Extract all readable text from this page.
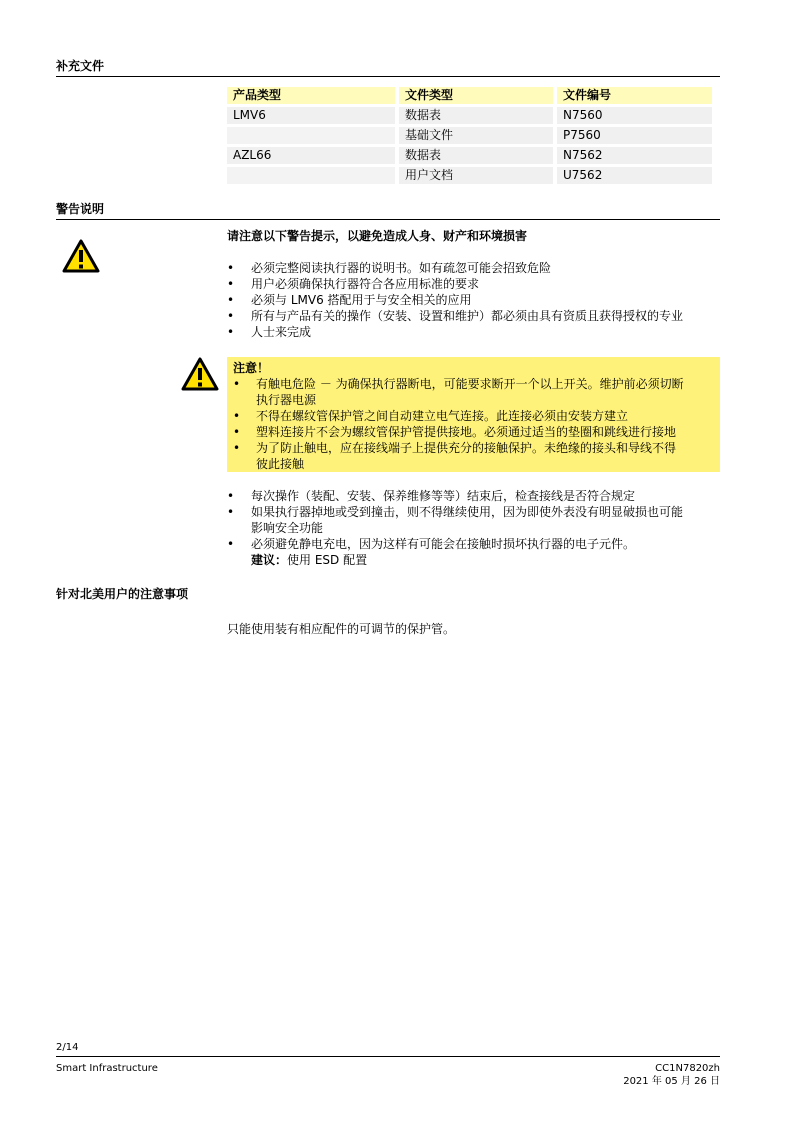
补充文件
产品类型	文件类型	文件编号
LMV6	数据表	N7560
	基础文件	P7560
AZL66	数据表	N7562
	用户文档	U7562
警告说明
请注意以下警告提示，以避免造成人身、财产和环境损害
• 必须完整阅读执行器的说明书。如有疏忽可能会招致危险
• 用户必须确保执行器符合各应用标准的要求
• 必须与 LMV6 搭配用于与安全相关的应用
• 所有与产品有关的操作（安装、设置和维护）都必须由具有资质且获得授权的专业
• 人士来完成
注意！
• 有触电危险 － 为确保执行器断电，可能要求断开一个以上开关。维护前必须切断
执行器电源
• 不得在螺纹管保护管之间自动建立电气连接。此连接必须由安装方建立
• 塑料连接片不会为螺纹管保护管提供接地。必须通过适当的垫圈和跳线进行接地
• 为了防止触电，应在接线端子上提供充分的接触保护。未绝缘的接头和导线不得
彼此接触
• 每次操作（装配、安装、保养维修等等）结束后，检查接线是否符合规定
• 如果执行器掉地或受到撞击，则不得继续使用，因为即使外表没有明显破损也可能
影响安全功能
• 必须避免静电充电，因为这样有可能会在接触时损坏执行器的电子元件。
建议：使用 ESD 配置
针对北美用户的注意事项
只能使用装有相应配件的可调节的保护管。
2/14
Smart Infrastructure	CC1N7820zh
2021 年 05 月 26 日
